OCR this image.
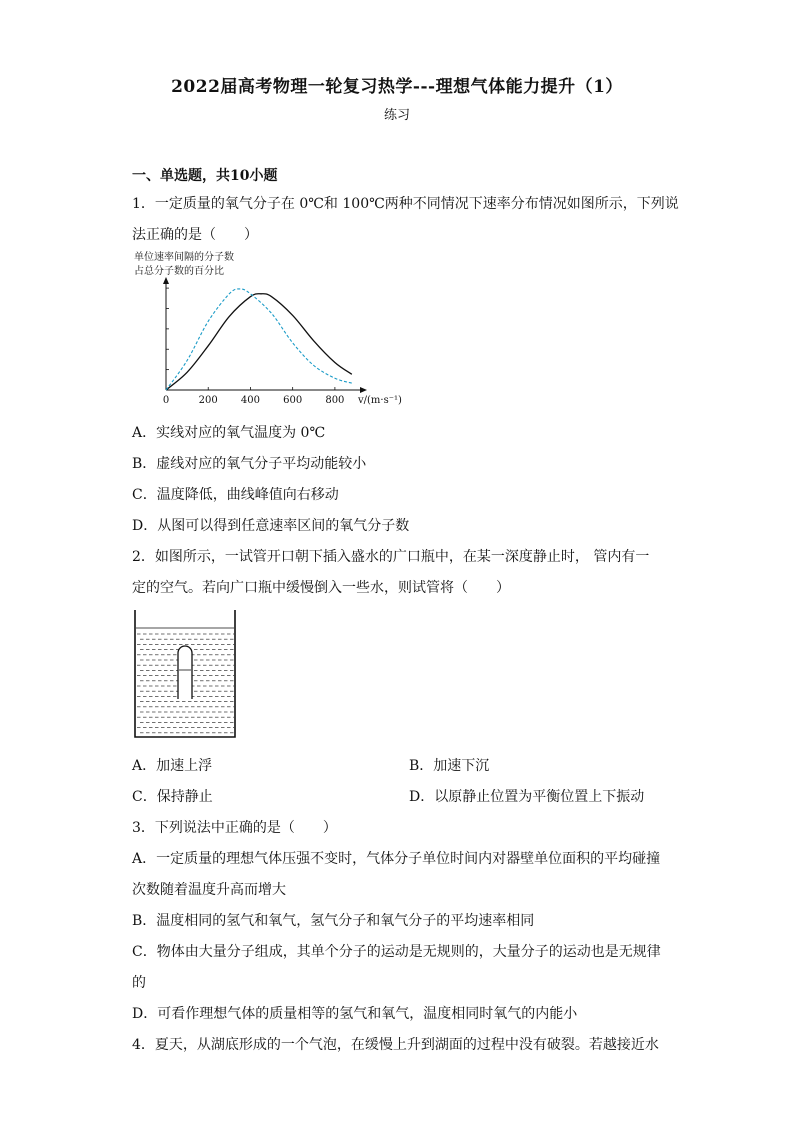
2022届高考物理一轮复习热学---理想气体能力提升（1）
练习
一、单选题，共10小题
1．一定质量的氧气分子在 0℃和 100℃两种不同情况下速率分布情况如图所示，下列说
法正确的是（　　）
单位速率间隔的分子数
占总分子数的百分比
0	200 400 600 800 v/(m·s⁻¹)
A．实线对应的氧气温度为 0℃
B．虚线对应的氧气分子平均动能较小
C．温度降低，曲线峰值向右移动
D．从图可以得到任意速率区间的氧气分子数
2．如图所示，一试管开口朝下插入盛水的广口瓶中，在某一深度静止时， 管内有一
定的空气。若向广口瓶中缓慢倒入一些水，则试管将（　　）
A．加速上浮	B．加速下沉
C．保持静止	D．以原静止位置为平衡位置上下振动
3．下列说法中正确的是（　　）
A．一定质量的理想气体压强不变时，气体分子单位时间内对器壁单位面积的平均碰撞
次数随着温度升高而增大
B．温度相同的氢气和氧气，氢气分子和氧气分子的平均速率相同
C．物体由大量分子组成，其单个分子的运动是无规则的，大量分子的运动也是无规律
的
D．可看作理想气体的质量相等的氢气和氧气，温度相同时氧气的内能小
4．夏天，从湖底形成的一个气泡，在缓慢上升到湖面的过程中没有破裂。若越接近水
